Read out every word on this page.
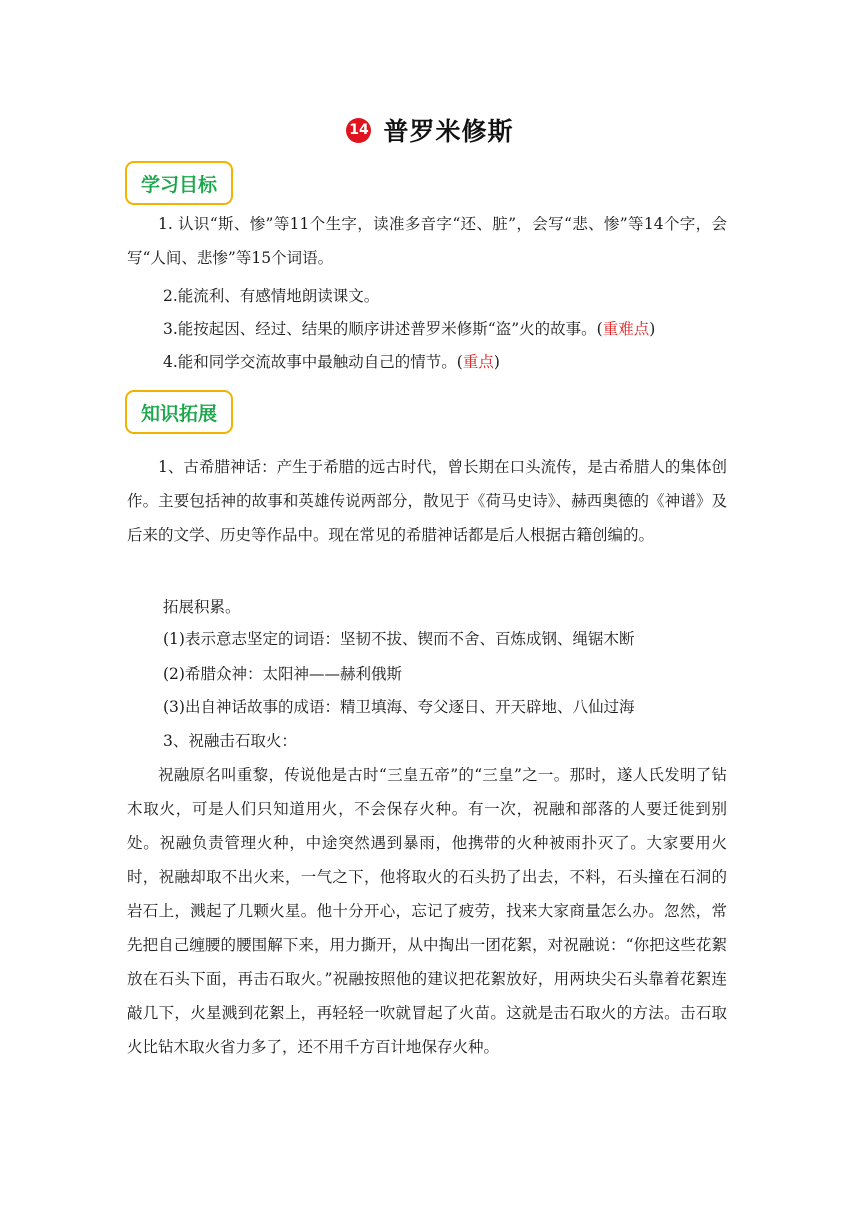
14 普罗米修斯
学习目标
1. 认识“斯、惨”等11个生字，读准多音字“还、脏”，会写“悲、惨”等14个字，会写“人间、悲惨”等15个词语。
2.能流利、有感情地朗读课文。
3.能按起因、经过、结果的顺序讲述普罗米修斯“盗”火的故事。(重难点)
4.能和同学交流故事中最触动自己的情节。(重点)
知识拓展
1、古希腊神话：产生于希腊的远古时代，曾长期在口头流传，是古希腊人的集体创作。主要包括神的故事和英雄传说两部分，散见于《荷马史诗》、赫西奥德的《神谱》及后来的文学、历史等作品中。现在常见的希腊神话都是后人根据古籍创编的。
拓展积累。
(1)表示意志坚定的词语：坚韧不拔、锲而不舍、百炼成钢、绳锯木断
(2)希腊众神：太阳神——赫利俄斯
(3)出自神话故事的成语：精卫填海、夸父逐日、开天辟地、八仙过海
3、祝融击石取火：
祝融原名叫重黎，传说他是古时“三皇五帝”的“三皇”之一。那时，遂人氏发明了钻木取火，可是人们只知道用火，不会保存火种。有一次，祝融和部落的人要迁徙到别处。祝融负责管理火种，中途突然遇到暴雨，他携带的火种被雨扑灭了。大家要用火时，祝融却取不出火来，一气之下，他将取火的石头扔了出去，不料，石头撞在石洞的岩石上，溅起了几颗火星。他十分开心，忘记了疲劳，找来大家商量怎么办。忽然，常先把自己缠腰的腰围解下来，用力撕开，从中掏出一团花絮，对祝融说：“你把这些花絮放在石头下面，再击石取火。”祝融按照他的建议把花絮放好，用两块尖石头靠着花絮连敲几下，火星溅到花絮上，再轻轻一吹就冒起了火苗。这就是击石取火的方法。击石取火比钻木取火省力多了，还不用千方百计地保存火种。
